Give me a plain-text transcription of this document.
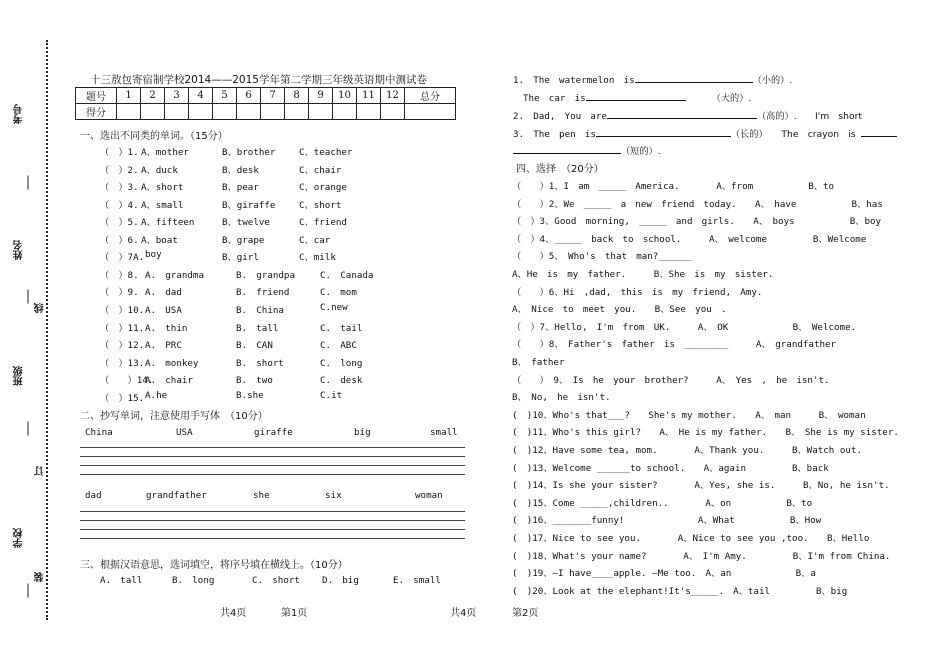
考号
姓名
线
班级
订
学校
装
十三敖包寄宿制学校2014——2015学年第二学期三年级英语期中测试卷
题号	1	2	3	4	5	6	7	8	9	10	11	12	总分
得分													
一、选出不同类的单词。（15分）
（　）1. A、mother	B、brother	C、teacher
（　）2. A、duck	B、desk	C、chair
（　）3. A、short	B、pear	C、orange
（　）4. A、small	B、giraffe	C、short
（　）5. A、fifteen	B、twelve	C、friend
（　）6. A、boat	B、grape	C、car
（　）7A. boy	B、girl	C、milk
（　）8. A.　grandma	B.　grandpa	C.　Canada
（　）9. A.　dad	B.　friend	C.　mom
（　）10. A.　USA	B.　China	C.new
（　）11. A.　thin	B.　tall	C.　tail
（　）12. A.　PRC	B.　CAN	C.　ABC
（　）13. A.　monkey	B.　short	C.　long
（　　）14.
A.　chair	B.　two	C.　desk
（　）15. A.he	B.she	C.it
二、抄写单词，注意使用手写体　（10分）
China	USA	giraffe	big	small
dad	grandfather	she	six	woman
三、根据汉语意思，选词填空，将序号填在横线上。（10分）
A.　tall	B.　long	C.　short D.　big	E.　small
共4页	第1页	共4页	第2页
1.　The　watermelon　is	（小的）.
The　car　is	（大的）.
2.　Dad,　You　are	（高的）.　　I'm　short
3.　The　pen　is	（长的）　　The　crayon　is
（短的）.
四、选择　（20分）
（　　）1、I　am　_____　America.　　　　A、from　　　　　　B、to
（　　）2、We　_____　a　new　friend　today.　　A、　have　　　　　　B、has
（　）3、Good　morning,　_____　and　girls.　　A、　boys　　　　　　B、boy
（　）4、_____　back　to　school.　　　A、　welcome　　　　　B、Welcome
（　　）5、　Who's　that　man?______
A、He　is　my　father.　　　B、She　is　my　sister.
（　　）6、Hi　,dad,　this　is　my　friend,　Amy.
A、　Nice　to　meet　you.　　B、See　you　.
（　）7、Hello,　I'm　from　UK.　　　A、　OK　　　　　　　B、　Welcome.
（　　）8、　Father's　father　is　________　　　A、　grandfather
B、　father
（　　）　9、　Is　he　your　brother?　　　A、　Yes　,　he　isn't.
B、　No,　he　isn't.
(　)10、Who's that___?　　She's my mother.　　A、　man　　　B、　woman
(　)11、Who's this girl?　　A、　He is my father.　　B、　She is my sister.
(　)12、Have some tea, mom.　　　　A、Thank you.　　　B、Watch out.
(　)13、Welcome ______to school.　　A、again　　　　　B、back
(　)14、Is she your sister?　　　　A、Yes, she is.　　　B、No, he isn't.
(　)15、Come _____,children..　　　　A、on　　　　　　B、to
(　)16、_______funny!　　　　　　　　A、What　　　　　　B、How
(　)17、Nice to see you.　　　　A、Nice to see you ,too.　　B、Hello
(　)18、What's your name?　　　　A、　I'm Amy.　　　　　B、I'm from China.
(　)19、—I have____apple. —Me too.　A、an　　　　　　　B、a
(　)20、Look at the elephant!It's_____.　A、tail　　　　　B、big
